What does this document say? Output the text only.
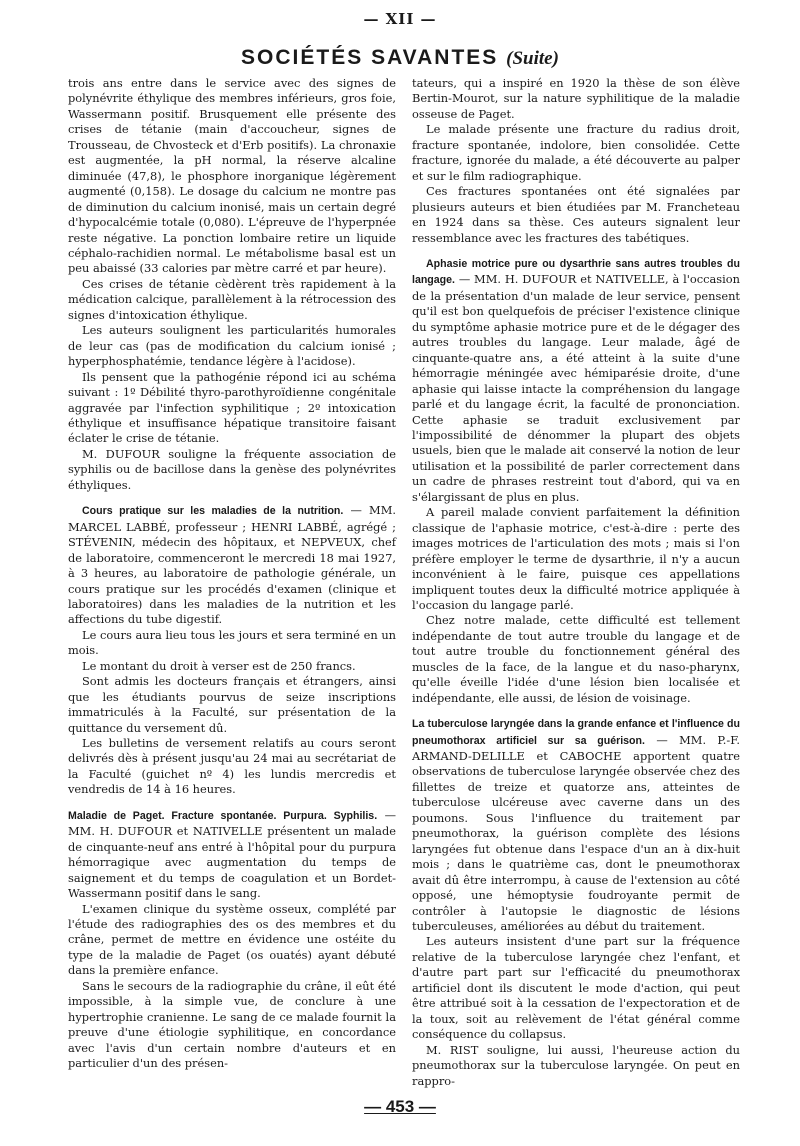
— XII —
SOCIÉTÉS SAVANTES (Suite)

trois ans entre dans le service avec des signes de polynévrite éthylique des membres inférieurs, gros foie, Wassermann positif. Brusquement elle présente des crises de tétanie (main d'accoucheur, signes de Trousseau, de Chvosteck et d'Erb positifs). La chronaxie est augmentée, la pH normal, la réserve alcaline diminuée (47,8), le phosphore inorganique légèrement augmenté (0,158). Le dosage du calcium ne montre pas de diminution du calcium inonisé, mais un certain degré d'hypocalcémie totale (0,080). L'épreuve de l'hyperpnée reste négative. La ponction lombaire retire un liquide céphalo-rachidien normal. Le métabolisme basal est un peu abaissé (33 calories par mètre carré et par heure).

Ces crises de tétanie cèdèrent très rapidement à la médication calcique, parallèlement à la rétrocession des signes d'intoxication éthylique.

Les auteurs soulignent les particularités humorales de leur cas (pas de modification du calcium ionisé ; hyperphosphatémie, tendance légère à l'acidose).

Ils pensent que la pathogénie répond ici au schéma suivant : 1º Débilité thyro-parothyroïdienne congénitale aggravée par l'infection syphilitique ; 2º intoxication éthylique et insuffisance hépatique transitoire faisant éclater le crise de tétanie.

M. DUFOUR souligne la fréquente association de syphilis ou de bacillose dans la genèse des polynévrites éthyliques.

Cours pratique sur les maladies de la nutrition. — MM. MARCEL LABBÉ, professeur ; HENRI LABBÉ, agrégé ; STÉVENIN, médecin des hôpitaux, et NEPVEUX, chef de laboratoire, commenceront le mercredi 18 mai 1927, à 3 heures, au laboratoire de pathologie générale, un cours pratique sur les procédés d'examen (clinique et laboratoires) dans les maladies de la nutrition et les affections du tube digestif.

Le cours aura lieu tous les jours et sera terminé en un mois.

Le montant du droit à verser est de 250 francs.

Sont admis les docteurs français et étrangers, ainsi que les étudiants pourvus de seize inscriptions immatriculés à la Faculté, sur présentation de la quittance du versement dû.

Les bulletins de versement relatifs au cours seront delivrés dès à présent jusqu'au 24 mai au secrétariat de la Faculté (guichet nº 4) les lundis mercredis et vendredis de 14 à 16 heures.

Maladie de Paget. Fracture spontanée. Purpura. Syphilis. — MM. H. DUFOUR et NATIVELLE présentent un malade de cinquante-neuf ans entré à l'hôpital pour du purpura hémorragique avec augmentation du temps de saignement et du temps de coagulation et un Bordet-Wassermann positif dans le sang.

L'examen clinique du système osseux, complété par l'étude des radiographies des os des membres et du crâne, permet de mettre en évidence une ostéite du type de la maladie de Paget (os ouatés) ayant débuté dans la première enfance.

Sans le secours de la radiographie du crâne, il eût été impossible, à la simple vue, de conclure à une hypertrophie cranienne. Le sang de ce malade fournit la preuve d'une étiologie syphilitique, en concordance avec l'avis d'un certain nombre d'auteurs et en particulier d'un des présen-

tateurs, qui a inspiré en 1920 la thèse de son élève Bertin-Mourot, sur la nature syphilitique de la maladie osseuse de Paget.

Le malade présente une fracture du radius droit, fracture spontanée, indolore, bien consolidée. Cette fracture, ignorée du malade, a été découverte au palper et sur le film radiographique.

Ces fractures spontanées ont été signalées par plusieurs auteurs et bien étudiées par M. Francheteau en 1924 dans sa thèse. Ces auteurs signalent leur ressemblance avec les fractures des tabétiques.

Aphasie motrice pure ou dysarthrie sans autres troubles du langage. — MM. H. DUFOUR et NATIVELLE, à l'occasion de la présentation d'un malade de leur service, pensent qu'il est bon quelquefois de préciser l'existence clinique du symptôme aphasie motrice pure et de le dégager des autres troubles du langage. Leur malade, âgé de cinquante-quatre ans, a été atteint à la suite d'une hémorragie méningée avec hémiparésie droite, d'une aphasie qui laisse intacte la compréhension du langage parlé et du langage écrit, la faculté de prononciation. Cette aphasie se traduit exclusivement par l'impossibilité de dénommer la plupart des objets usuels, bien que le malade ait conservé la notion de leur utilisation et la possibilité de parler correctement dans un cadre de phrases restreint tout d'abord, qui va en s'élargissant de plus en plus.

A pareil malade convient parfaitement la définition classique de l'aphasie motrice, c'est-à-dire : perte des images motrices de l'articulation des mots ; mais si l'on préfère employer le terme de dysarthrie, il n'y a aucun inconvénient à le faire, puisque ces appellations impliquent toutes deux la difficulté motrice appliquée à l'occasion du langage parlé.

Chez notre malade, cette difficulté est tellement indépendante de tout autre trouble du langage et de tout autre trouble du fonctionnement général des muscles de la face, de la langue et du naso-pharynx, qu'elle éveille l'idée d'une lésion bien localisée et indépendante, elle aussi, de lésion de voisinage.

La tuberculose laryngée dans la grande enfance et l'influence du pneumothorax artificiel sur sa guérison. — MM. P.-F. ARMAND-DELILLE et CABOCHE apportent quatre observations de tuberculose laryngée observée chez des fillettes de treize et quatorze ans, atteintes de tuberculose ulcéreuse avec caverne dans un des poumons. Sous l'influence du traitement par pneumothorax, la guérison complète des lésions laryngées fut obtenue dans l'espace d'un an à dix-huit mois ; dans le quatrième cas, dont le pneumothorax avait dû être interrompu, à cause de l'extension au côté opposé, une hémoptysie foudroyante permit de contrôler à l'autopsie le diagnostic de lésions tuberculeuses, améliorées au début du traitement.

Les auteurs insistent d'une part sur la fréquence relative de la tuberculose laryngée chez l'enfant, et d'autre part part sur l'efficacité du pneumothorax artificiel dont ils discutent le mode d'action, qui peut être attribué soit à la cessation de l'expectoration et de la toux, soit au relèvement de l'état général comme conséquence du collapsus.

M. RIST souligne, lui aussi, l'heureuse action du pneumothorax sur la tuberculose laryngée. On peut en rappro-

— 453 —
